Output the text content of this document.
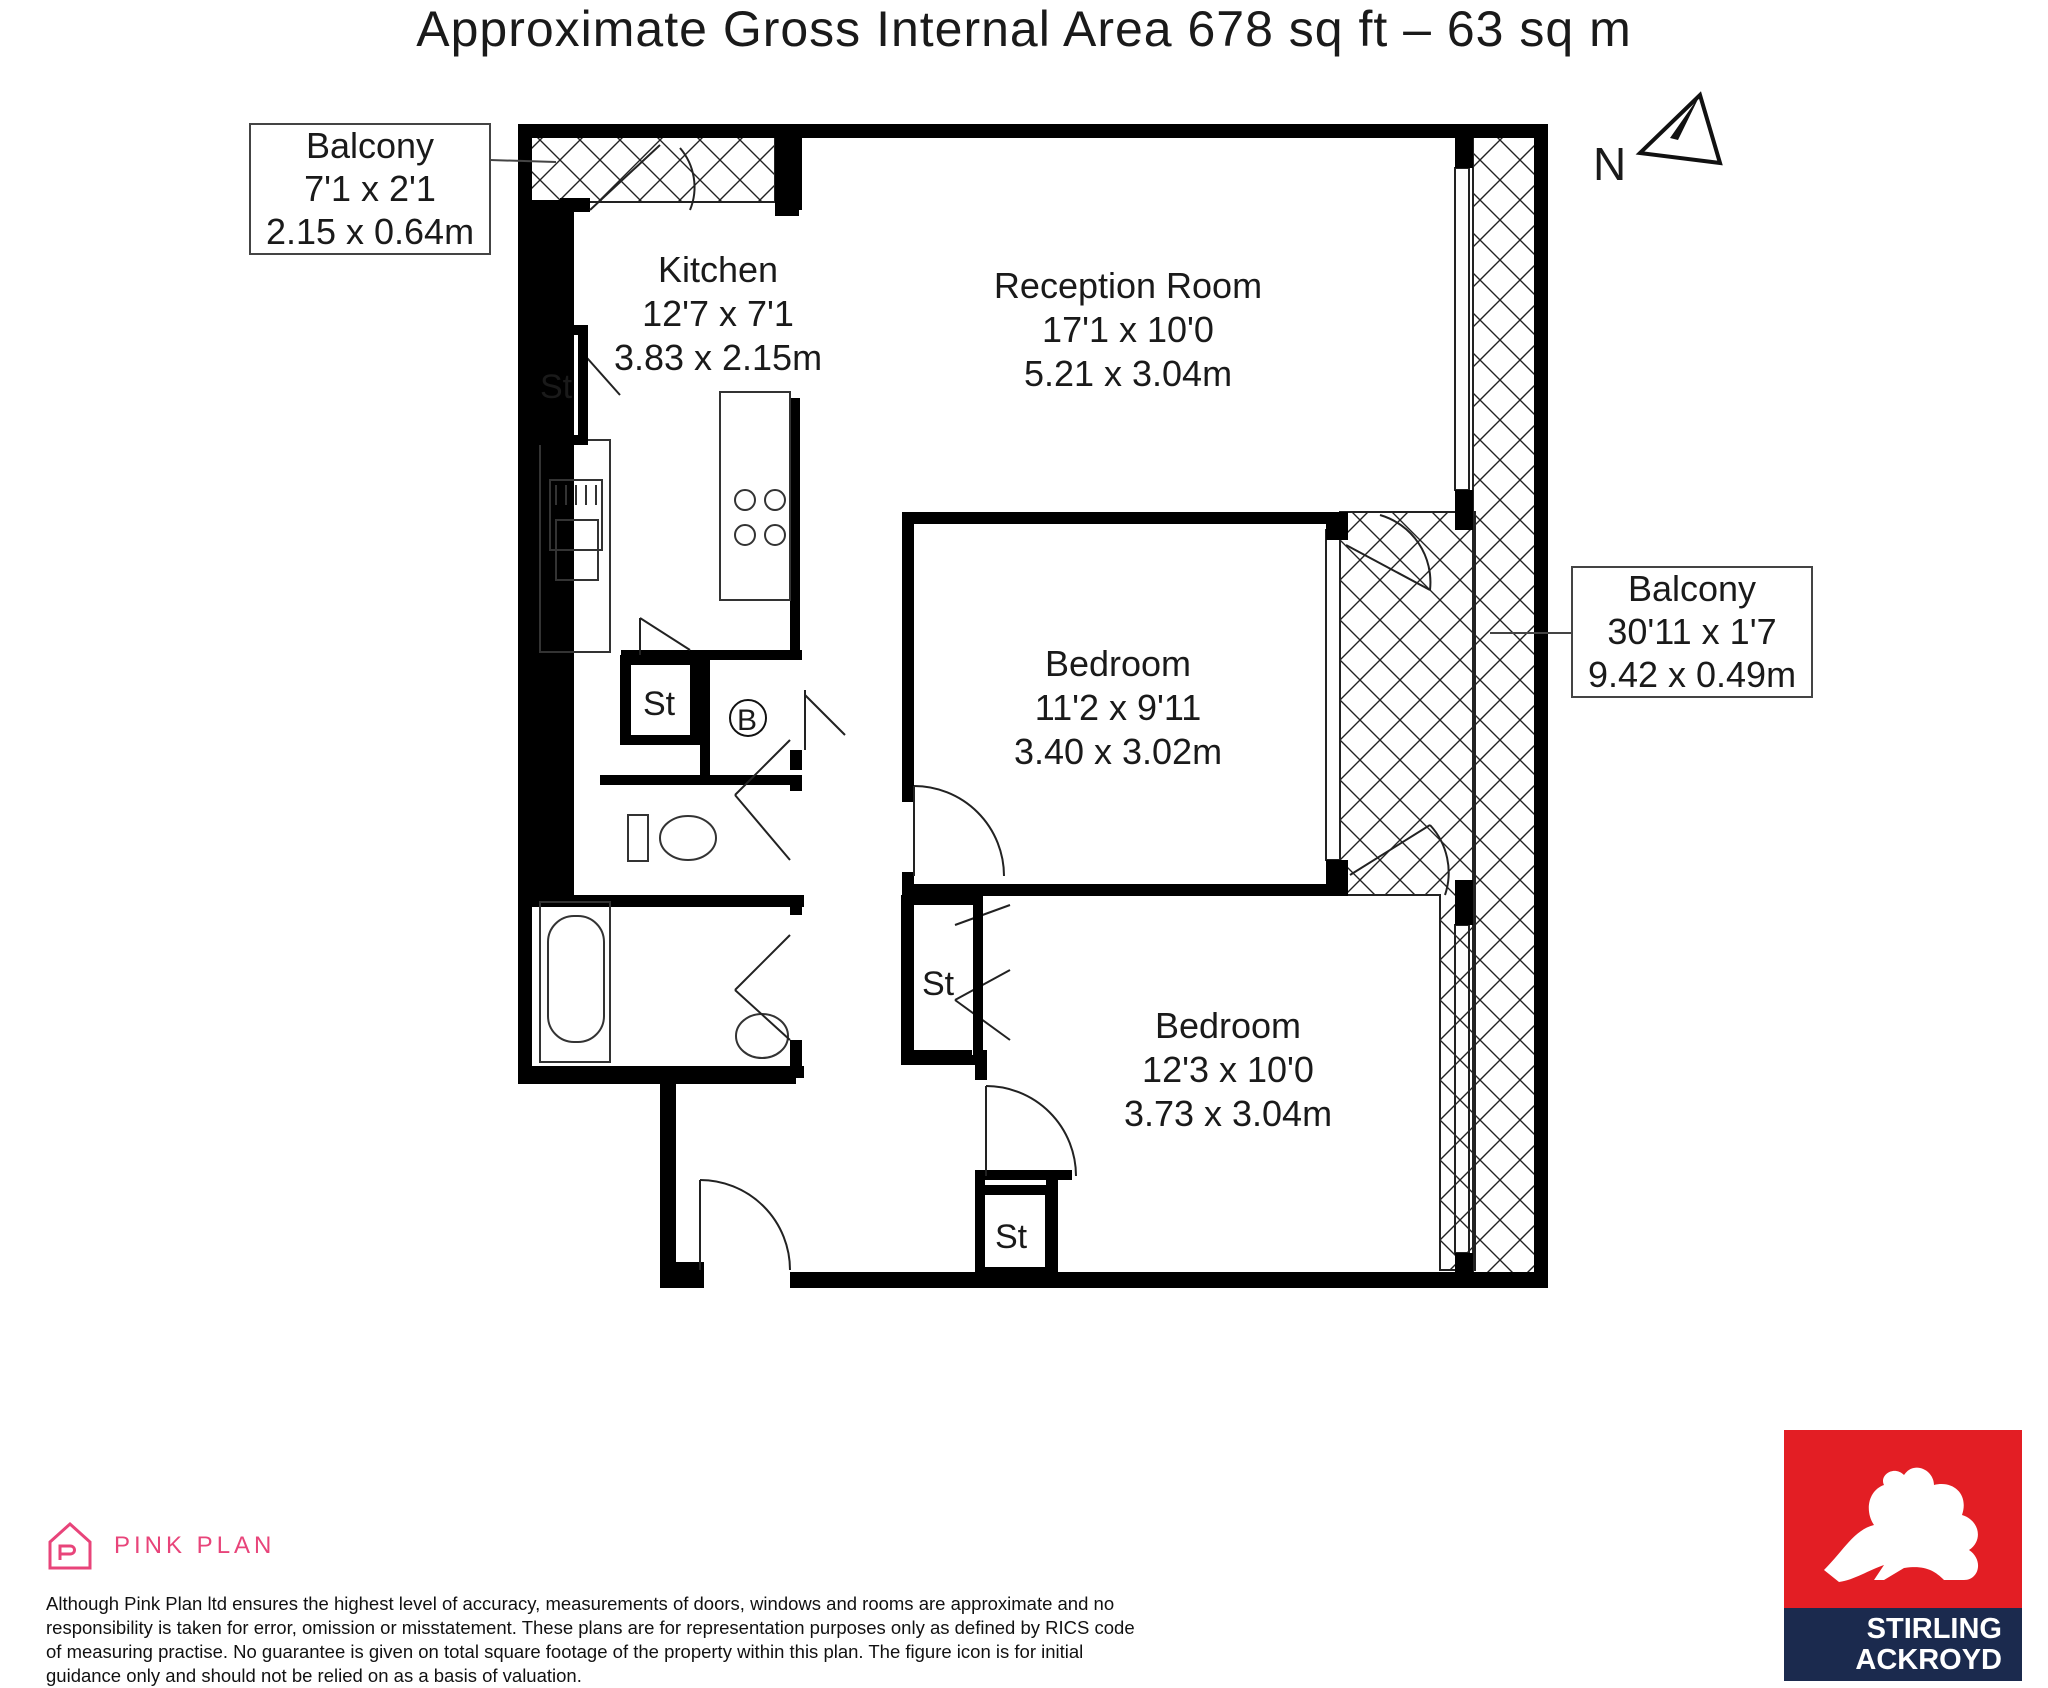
Approximate Gross Internal Area 678 sq ft – 63 sq m
N
Kitchen
12'7 x 7'1
3.83 x 2.15m
Reception Room
17'1 x 10'0
5.21 x 3.04m
Bedroom
11'2 x 9'11
3.40 x 3.02m
Bedroom
12'3 x 10'0
3.73 x 3.04m
St
St
St
St
B
Balcony
7'1 x 2'1
2.15 x 0.64m
Balcony
30'11 x 1'7
9.42 x 0.49m
PINK PLAN
Although Pink Plan ltd ensures the highest level of accuracy, measurements of doors, windows and rooms are approximate and no responsibility is taken for error, omission or misstatement. These plans are for representation purposes only as defined by RICS code of measuring practise. No guarantee is given on total square footage of the property within this plan. The figure icon is for initial guidance only and should not be relied on as a basis of valuation.
STIRLING
ACKROYD
